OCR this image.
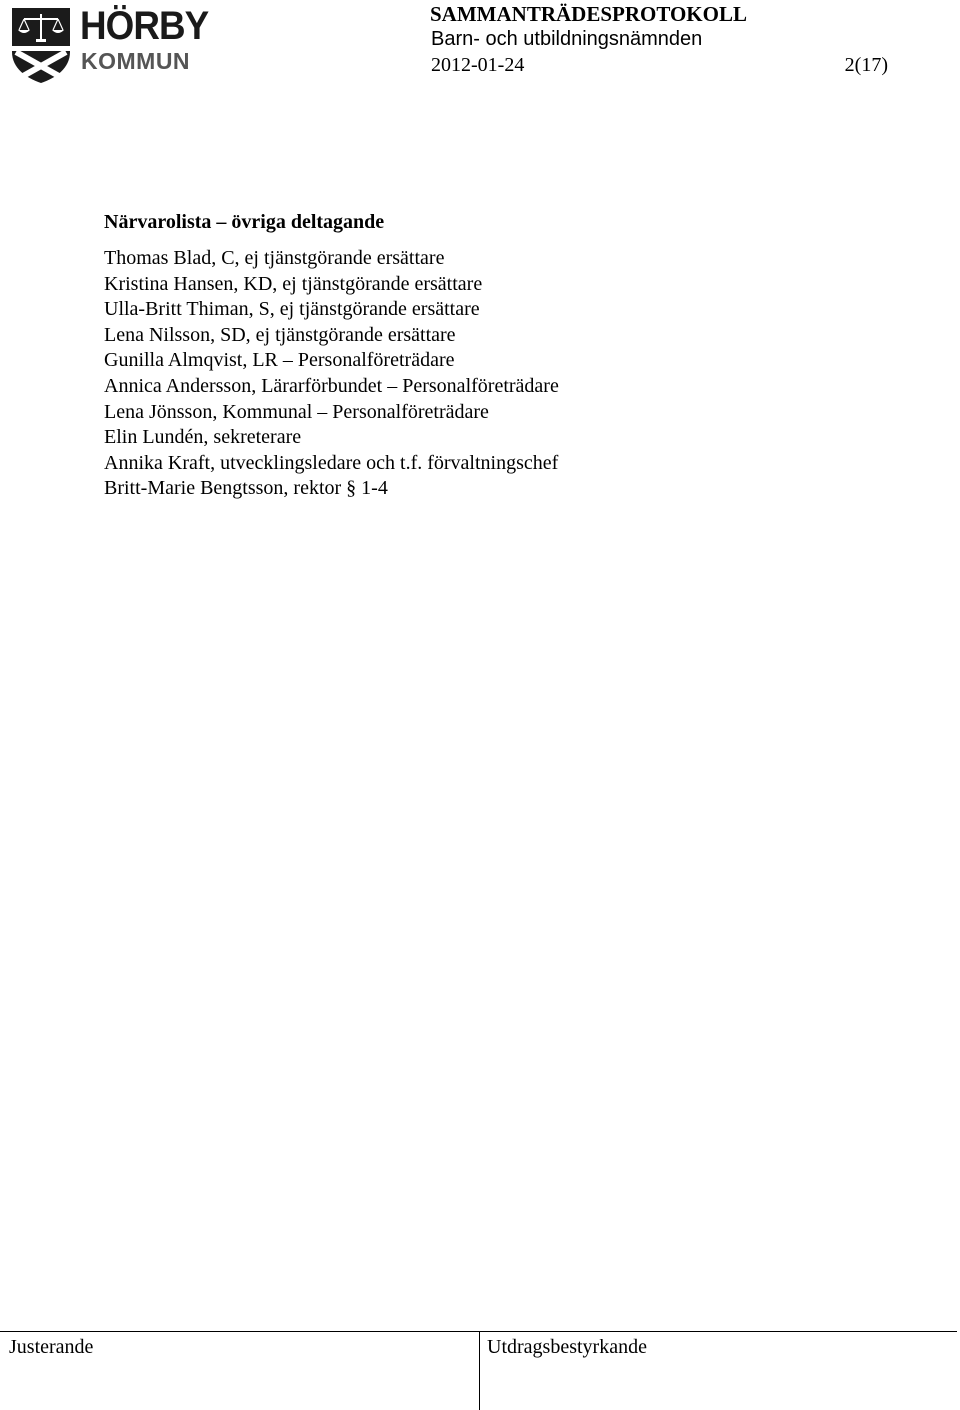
HÖRBY
KOMMUN
SAMMANTRÄDESPROTOKOLL
Barn- och utbildningsnämnden
2012-01-24	2(17)
Närvarolista – övriga deltagande
Thomas Blad, C, ej tjänstgörande ersättare
Kristina Hansen, KD, ej tjänstgörande ersättare
Ulla-Britt Thiman, S, ej tjänstgörande ersättare
Lena Nilsson, SD, ej tjänstgörande ersättare
Gunilla Almqvist, LR – Personalföreträdare
Annica Andersson, Lärarförbundet – Personalföreträdare
Lena Jönsson, Kommunal – Personalföreträdare
Elin Lundén, sekreterare
Annika Kraft, utvecklingsledare och t.f. förvaltningschef
Britt-Marie Bengtsson, rektor § 1-4
Justerande	Utdragsbestyrkande
